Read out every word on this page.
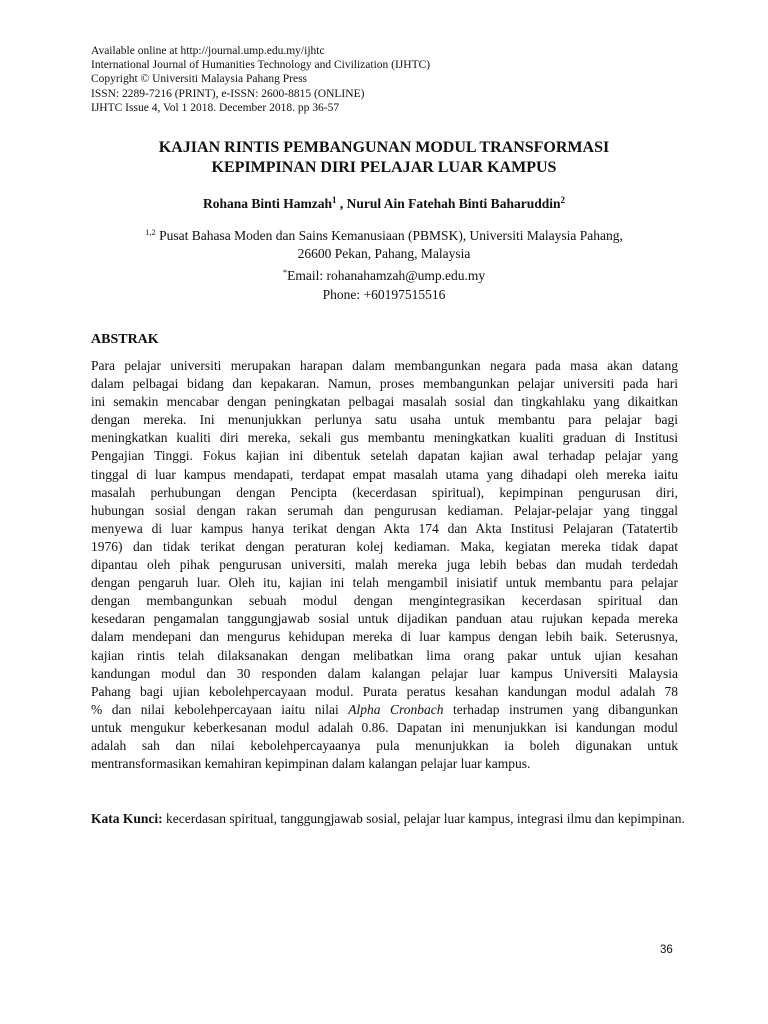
Available online at http://journal.ump.edu.my/ijhtc
International Journal of Humanities Technology and Civilization (IJHTC)
Copyright © Universiti Malaysia Pahang Press
ISSN: 2289-7216 (PRINT), e-ISSN: 2600-8815 (ONLINE)
IJHTC Issue 4, Vol 1 2018. December 2018. pp 36-57
KAJIAN RINTIS PEMBANGUNAN MODUL TRANSFORMASI
KEPIMPINAN DIRI PELAJAR LUAR KAMPUS
Rohana Binti Hamzah$^1$ , Nurul Ain Fatehah Binti Baharuddin$^2$
$^{1,2}$ Pusat Bahasa Moden dan Sains Kemanusiaan (PBMSK), Universiti Malaysia Pahang,
26600 Pekan, Pahang, Malaysia
*Email: rohanahamzah@ump.edu.my
Phone: +60197515516
ABSTRAK
Para pelajar universiti merupakan harapan dalam membangunkan negara pada masa akan datang
dalam pelbagai bidang dan kepakaran. Namun, proses membangunkan pelajar universiti pada hari
ini semakin mencabar dengan peningkatan pelbagai masalah sosial dan tingkahlaku yang dikaitkan
dengan mereka. Ini menunjukkan perlunya satu usaha untuk membantu para pelajar bagi
meningkatkan kualiti diri mereka, sekali gus membantu meningkatkan kualiti graduan di Institusi
Pengajian Tinggi. Fokus kajian ini dibentuk setelah dapatan kajian awal terhadap pelajar yang
tinggal di luar kampus mendapati, terdapat empat masalah utama yang dihadapi oleh mereka iaitu
masalah perhubungan dengan Pencipta (kecerdasan spiritual), kepimpinan pengurusan diri,
hubungan sosial dengan rakan serumah dan pengurusan kediaman. Pelajar-pelajar yang tinggal
menyewa di luar kampus hanya terikat dengan Akta 174 dan Akta Institusi Pelajaran (Tatatertib
1976) dan tidak terikat dengan peraturan kolej kediaman. Maka, kegiatan mereka tidak dapat
dipantau oleh pihak pengurusan universiti, malah mereka juga lebih bebas dan mudah terdedah
dengan pengaruh luar. Oleh itu, kajian ini telah mengambil inisiatif untuk membantu para pelajar
dengan membangunkan sebuah modul dengan mengintegrasikan kecerdasan spiritual dan
kesedaran pengamalan tanggungjawab sosial untuk dijadikan panduan atau rujukan kepada mereka
dalam mendepani dan mengurus kehidupan mereka di luar kampus dengan lebih baik. Seterusnya,
kajian rintis telah dilaksanakan dengan melibatkan lima orang pakar untuk ujian kesahan
kandungan modul dan 30 responden dalam kalangan pelajar luar kampus Universiti Malaysia
Pahang bagi ujian kebolehpercayaan modul. Purata peratus kesahan kandungan modul adalah 78
% dan nilai kebolehpercayaan iaitu nilai Alpha Cronbach terhadap instrumen yang dibangunkan
untuk mengukur keberkesanan modul adalah 0.86. Dapatan ini menunjukkan isi kandungan modul
adalah sah dan nilai kebolehpercayaanya pula menunjukkan ia boleh digunakan untuk
mentransformasikan kemahiran kepimpinan dalam kalangan pelajar luar kampus.
Kata Kunci: kecerdasan spiritual, tanggungjawab sosial, pelajar luar kampus, integrasi ilmu dan kepimpinan.
36
